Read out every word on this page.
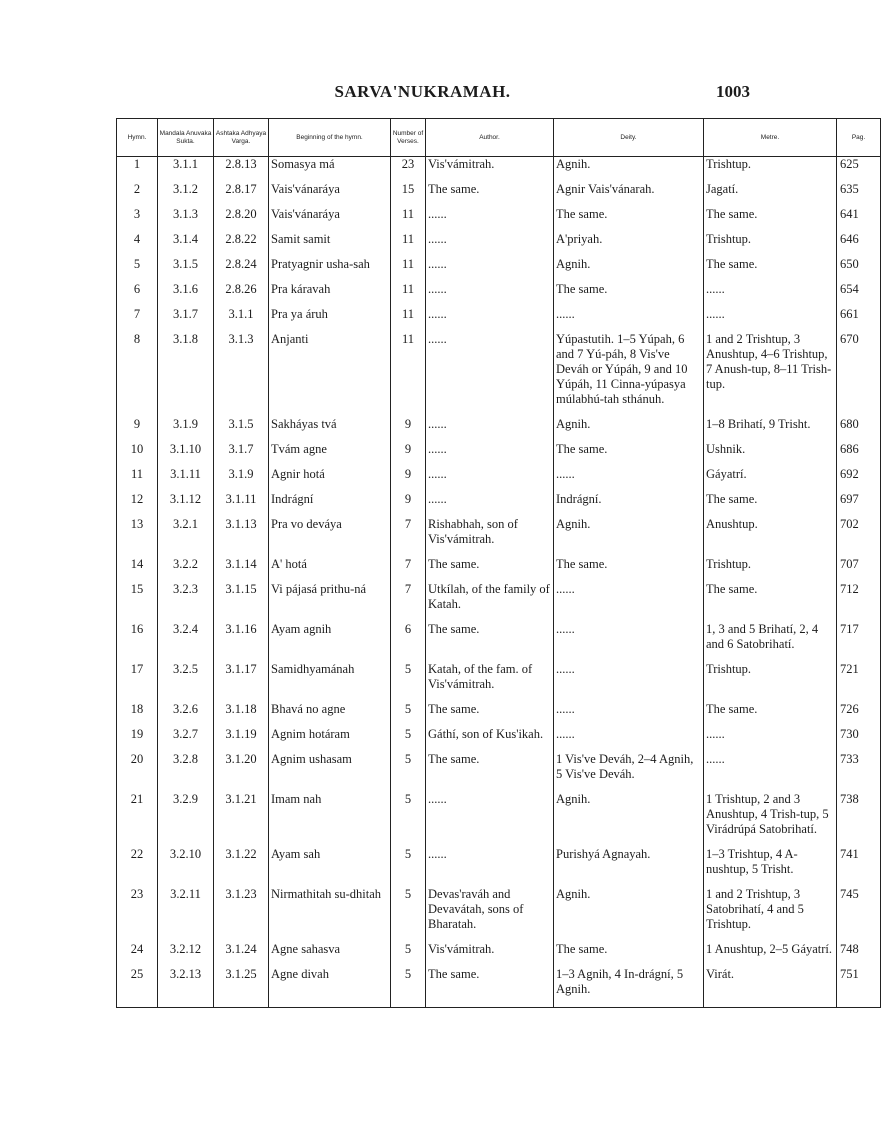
SARVA'NUKRAMAH.	1003
Hymn.	Mandala Anuvaka Sukta.	Ashtaka Adhyaya Varga.	Beginning of the hymn.	Number of Verses.	Author.	Deity.	Metre.	Pag.
1	3.1.1	2.8.13	Somasya má	23	Vis'vámitrah.	Agnih.	Trishtup.	625

2	3.1.2	2.8.17	Vais'vánaráya	15	The same.	Agnir Vais'vánarah.	Jagatí.	635

3	3.1.3	2.8.20	Vais'vánaráya	11	......	The same.	The same.	641

4	3.1.4	2.8.22	Samit samit	11	......	A'priyah.	Trishtup.	646

5	3.1.5	2.8.24	Pratyagnir usha-sah	11	......	Agnih.	The same.	650

6	3.1.6	2.8.26	Pra káravah	11	......	The same.	......	654

7	3.1.7	3.1.1	Pra ya áruh	11	......	......	......	661

8	3.1.8	3.1.3	Anjanti	11	......	Yúpastutih. 1–5 Yúpah, 6 and 7 Yú-páh, 8 Vis've Deváh or Yúpáh, 9 and 10 Yúpáh, 11 Cinna-yúpasya múlabhú-tah sthánuh.	1 and 2 Trishtup, 3 Anushtup, 4–6 Trishtup, 7 Anush-tup, 8–11 Trish-tup.	670

9	3.1.9	3.1.5	Sakháyas tvá	9	......	Agnih.	1–8 Brihatí, 9 Trisht.	680

10	3.1.10	3.1.7	Tvám agne	9	......	The same.	Ushnik.	686

11	3.1.11	3.1.9	Agnir hotá	9	......	......	Gáyatrí.	692

12	3.1.12	3.1.11	Indrágní	9	......	Indrágní.	The same.	697

13	3.2.1	3.1.13	Pra vo deváya	7	Rishabhah, son of Vis'vámitrah.	Agnih.	Anushtup.	702

14	3.2.2	3.1.14	A' hotá	7	The same.	The same.	Trishtup.	707

15	3.2.3	3.1.15	Vi pájasá prithu-ná	7	Utkílah, of the family of Katah.	......	The same.	712

16	3.2.4	3.1.16	Ayam agnih	6	The same.	......	1, 3 and 5 Brihatí, 2, 4 and 6 Satobrihatí.	717

17	3.2.5	3.1.17	Samidhyamánah	5	Katah, of the fam. of Vis'vámitrah.	......	Trishtup.	721

18	3.2.6	3.1.18	Bhavá no agne	5	The same.	......	The same.	726

19	3.2.7	3.1.19	Agnim hotáram	5	Gáthí, son of Kus'ikah.	......	......	730

20	3.2.8	3.1.20	Agnim ushasam	5	The same.	1 Vis've Deváh, 2–4 Agnih, 5 Vis've Deváh.	......	733

21	3.2.9	3.1.21	Imam nah	5	......	Agnih.	1 Trishtup, 2 and 3 Anushtup, 4 Trish-tup, 5 Virádrúpá Satobrihatí.	738

22	3.2.10	3.1.22	Ayam sah	5	......	Purishyá Agnayah.	1–3 Trishtup, 4 A-nushtup, 5 Trisht.	741

23	3.2.11	3.1.23	Nirmathitah su-dhitah	5	Devas'raváh and Devavátah, sons of Bharatah.	Agnih.	1 and 2 Trishtup, 3 Satobrihatí, 4 and 5 Trishtup.	745

24	3.2.12	3.1.24	Agne sahasva	5	Vis'vámitrah.	The same.	1 Anushtup, 2–5 Gáyatrí.	748

25	3.2.13	3.1.25	Agne divah	5	The same.	1–3 Agnih, 4 In-drágní, 5 Agnih.	Virát.	751
